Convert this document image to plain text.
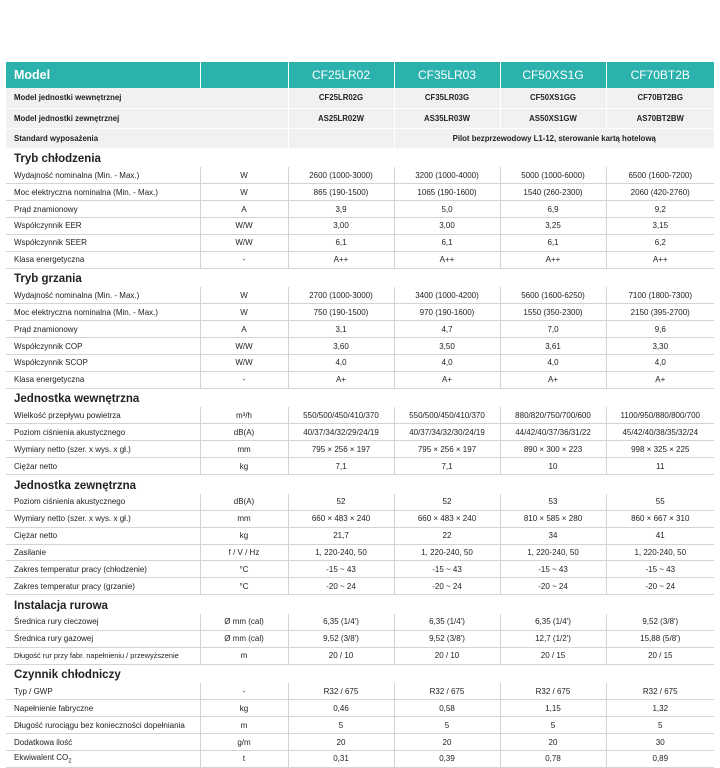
Model		CF25LR02	CF35LR03	CF50XS1G	CF70BT2B
Model jednostki wewnętrznej		CF25LR02G	CF35LR03G	CF50XS1GG	CF70BT2BG
Model jednostki zewnętrznej		AS25LR02W	AS35LR03W	AS50XS1GW	AS70BT2BW
Standard wyposażenia			Pilot bezprzewodowy L1-12, sterowanie kartą hotelową		
Tryb chłodzenia					
Wydajność nominalna (Min. - Max.)	W	2600 (1000-3000)	3200 (1000-4000)	5000 (1000-6000)	6500 (1600-7200)
Moc elektryczna nominalna (Min. - Max.)	W	865 (190-1500)	1065 (190-1600)	1540 (260-2300)	2060 (420-2760)
Prąd znamionowy	A	3,9	5,0	6,9	9,2
Współczynnik EER	W/W	3,00	3,00	3,25	3,15
Współczynnik SEER	W/W	6,1	6,1	6,1	6,2
Klasa energetyczna	-	A++	A++	A++	A++
Tryb grzania					
Wydajność nominalna (Min. - Max.)	W	2700 (1000-3000)	3400 (1000-4200)	5600 (1600-6250)	7100 (1800-7300)
Moc elektryczna nominalna (Min. - Max.)	W	750 (190-1500)	970 (190-1600)	1550 (350-2300)	2150 (395-2700)
Prąd znamionowy	A	3,1	4,7	7,0	9,6
Współczynnik COP	W/W	3,60	3,50	3,61	3,30
Współczynnik SCOP	W/W	4,0	4,0	4,0	4,0
Klasa energetyczna	-	A+	A+	A+	A+
Jednostka wewnętrzna					
Wielkość przepływu powietrza	m³/h	550/500/450/410/370	550/500/450/410/370	880/820/750/700/600	1100/950/880/800/700
Poziom ciśnienia akustycznego	dB(A)	40/37/34/32/29/24/19	40/37/34/32/30/24/19	44/42/40/37/36/31/22	45/42/40/38/35/32/24
Wymiary netto (szer. x wys. x gł.)	mm	795 × 256 × 197	795 × 256 × 197	890 × 300 × 223	998 × 325 × 225
Ciężar netto	kg	7,1	7,1	10	11
Jednostka zewnętrzna					
Poziom ciśnienia akustycznego	dB(A)	52	52	53	55
Wymiary netto (szer. x wys. x gł.)	mm	660 × 483 × 240	660 × 483 × 240	810 × 585 × 280	860 × 667 × 310
Ciężar netto	kg	21,7	22	34	41
Zasilanie	f / V / Hz	1, 220-240, 50	1, 220-240, 50	1, 220-240, 50	1, 220-240, 50
Zakres temperatur pracy (chłodzenie)	°C	-15 ~ 43	-15 ~ 43	-15 ~ 43	-15 ~ 43
Zakres temperatur pracy (grzanie)	°C	-20 ~ 24	-20 ~ 24	-20 ~ 24	-20 ~ 24
Instalacja rurowa					
Średnica rury cieczowej	Ø mm (cal)	6,35 (1/4')	6,35 (1/4')	6,35 (1/4')	9,52 (3/8')
Średnica rury gazowej	Ø mm (cal)	9,52 (3/8')	9,52 (3/8')	12,7 (1/2')	15,88 (5/8')
Długość rur przy fabr. napełnieniu / przewyższenie	m	20 / 10	20 / 10	20 / 15	20 / 15
Czynnik chłodniczy					
Typ / GWP	-	R32 / 675	R32 / 675	R32 / 675	R32 / 675
Napełnienie fabryczne	kg	0,46	0,58	1,15	1,32
Długość rurociągu bez konieczności dopełniania	m	5	5	5	5
Dodatkowa ilość	g/m	20	20	20	30
Ekwiwalent $CO_2$	t	0,31	0,39	0,78	0,89
